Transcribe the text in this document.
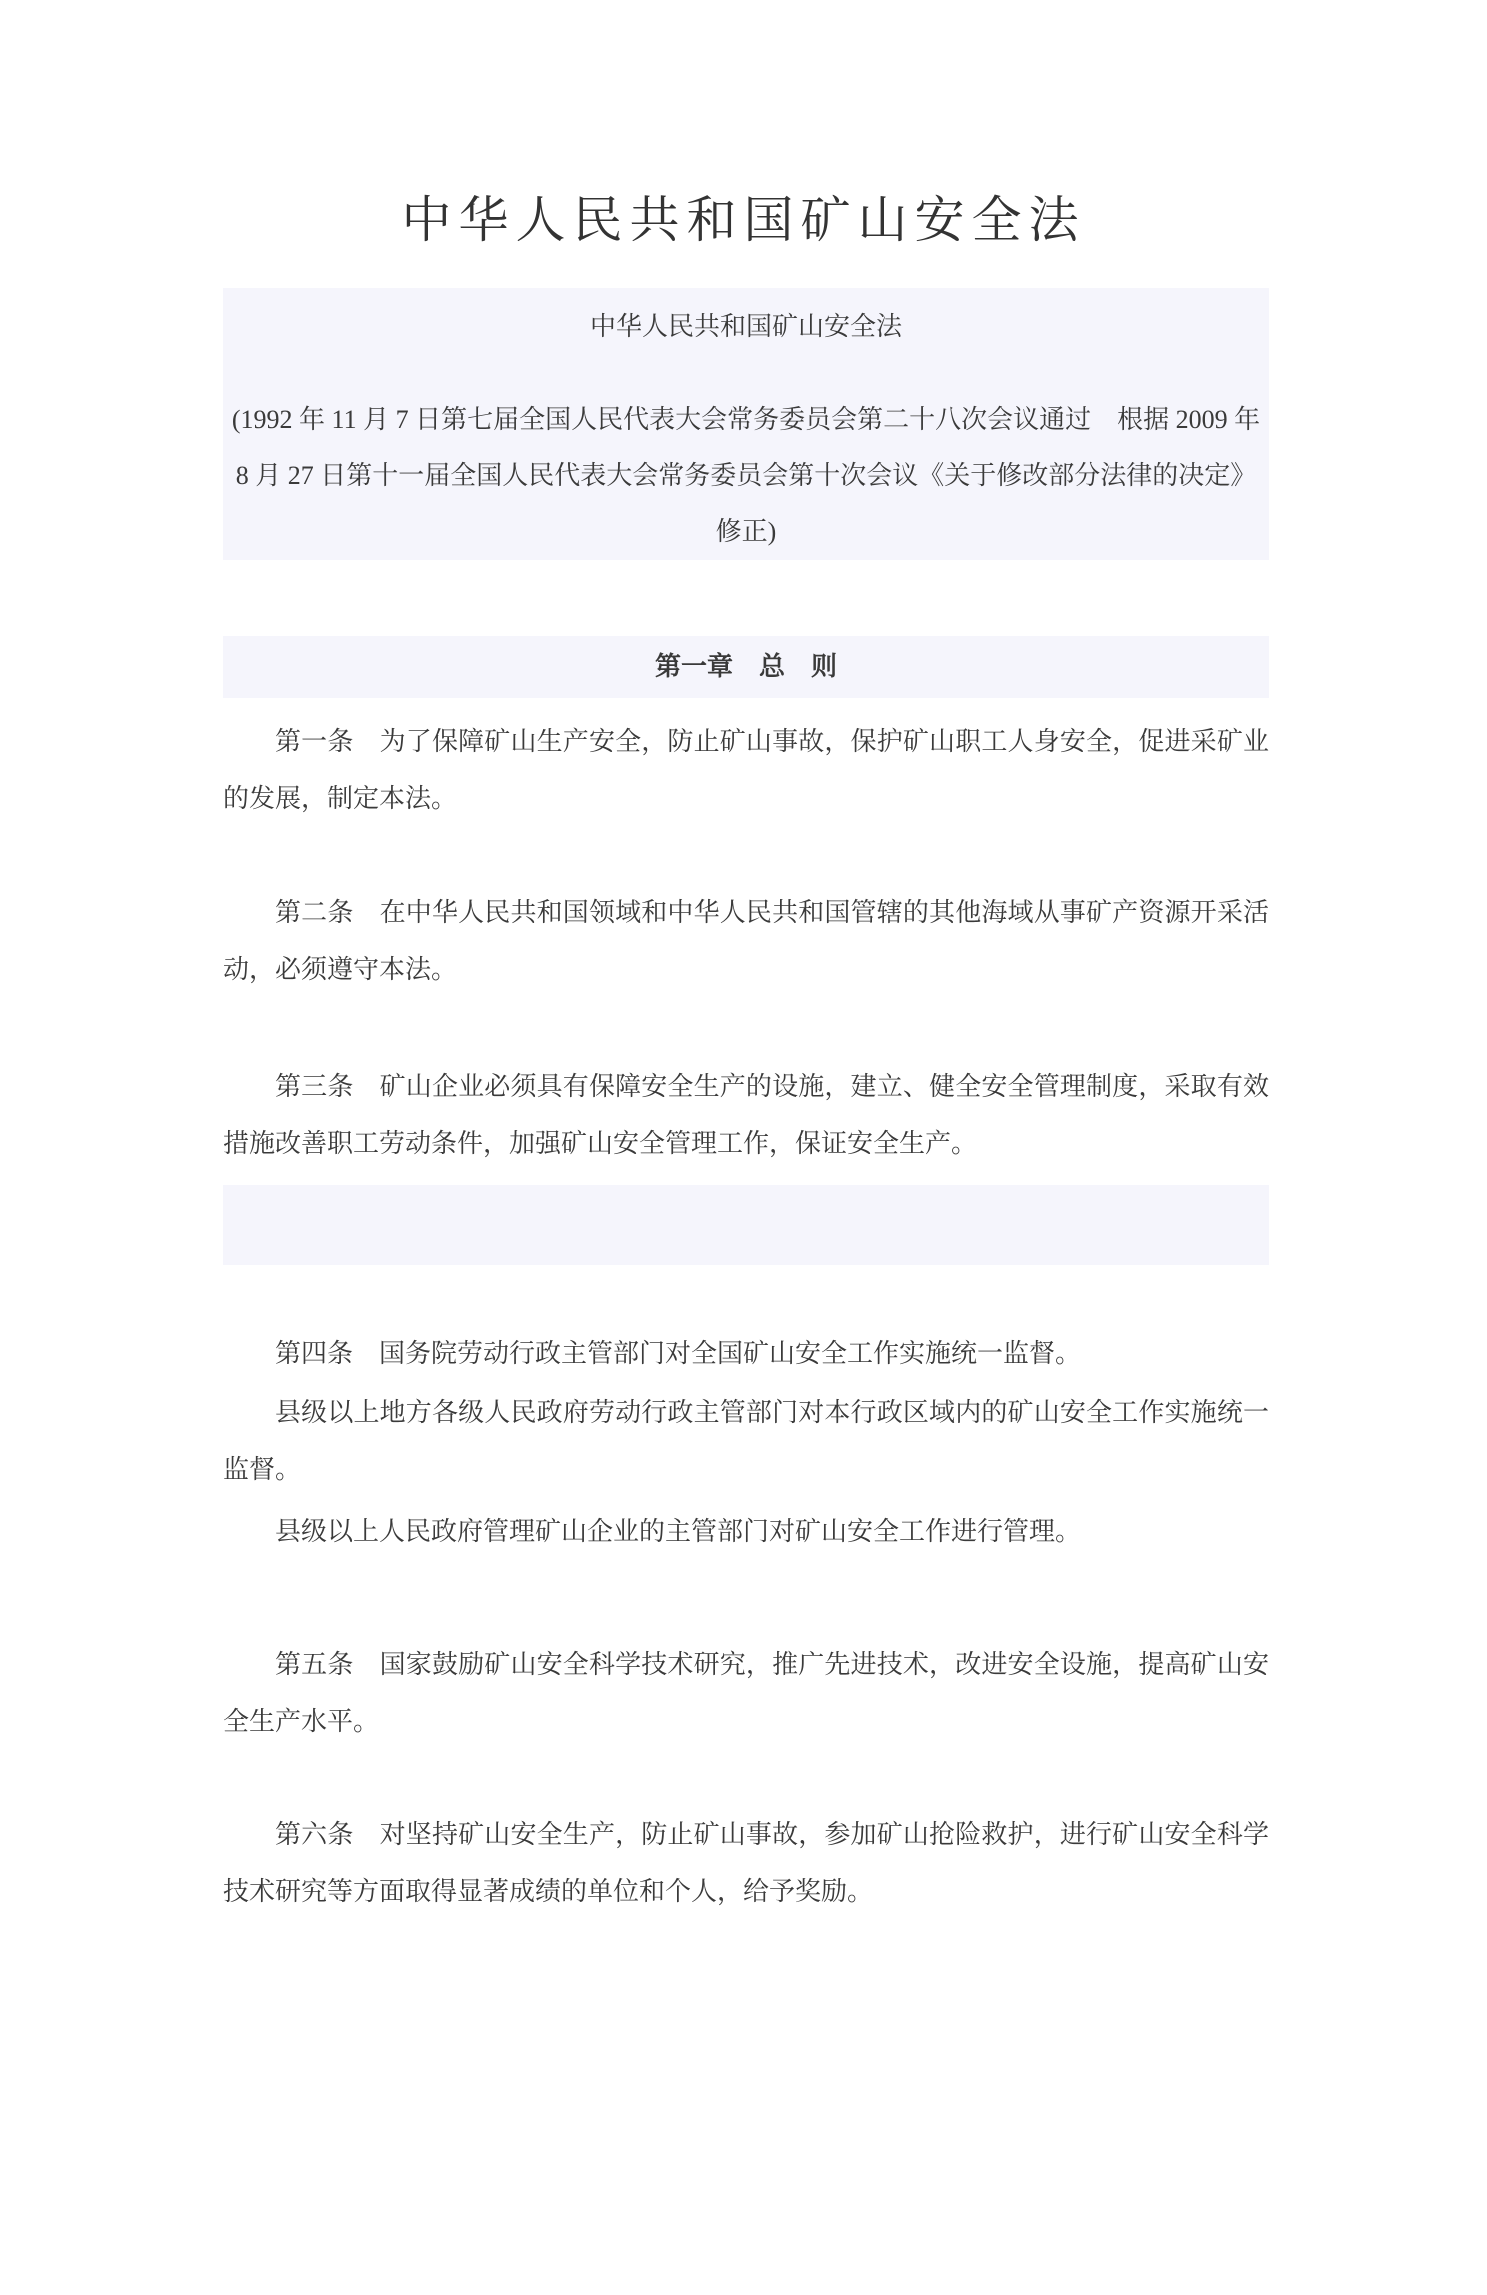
中华人民共和国矿山安全法

中华人民共和国矿山安全法

(1992 年 11 月 7 日第七届全国人民代表大会常务委员会第二十八次会议通过　根据 2009 年 8 月 27 日第十一届全国人民代表大会常务委员会第十次会议《关于修改部分法律的决定》修正)

第一章　总　则

第一条　为了保障矿山生产安全，防止矿山事故，保护矿山职工人身安全，促进采矿业的发展，制定本法。

第二条　在中华人民共和国领域和中华人民共和国管辖的其他海域从事矿产资源开采活动，必须遵守本法。

第三条　矿山企业必须具有保障安全生产的设施，建立、健全安全管理制度，采取有效措施改善职工劳动条件，加强矿山安全管理工作，保证安全生产。

第四条　国务院劳动行政主管部门对全国矿山安全工作实施统一监督。

县级以上地方各级人民政府劳动行政主管部门对本行政区域内的矿山安全工作实施统一监督。

县级以上人民政府管理矿山企业的主管部门对矿山安全工作进行管理。

第五条　国家鼓励矿山安全科学技术研究，推广先进技术，改进安全设施，提高矿山安全生产水平。

第六条　对坚持矿山安全生产，防止矿山事故，参加矿山抢险救护，进行矿山安全科学技术研究等方面取得显著成绩的单位和个人，给予奖励。
